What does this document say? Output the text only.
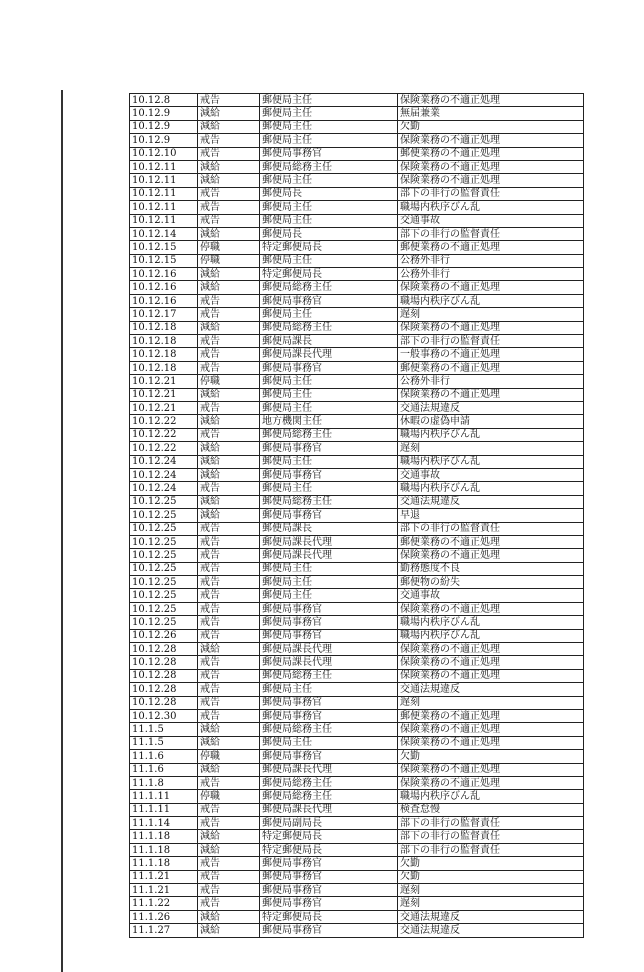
10.12.8	戒告	郵便局主任	保険業務の不適正処理
10.12.9	減給	郵便局主任	無届兼業
10.12.9	減給	郵便局主任	欠勤
10.12.9	戒告	郵便局主任	保険業務の不適正処理
10.12.10	戒告	郵便局事務官	郵便業務の不適正処理
10.12.11	減給	郵便局総務主任	保険業務の不適正処理
10.12.11	減給	郵便局主任	保険業務の不適正処理
10.12.11	戒告	郵便局長	部下の非行の監督責任
10.12.11	戒告	郵便局主任	職場内秩序びん乱
10.12.11	戒告	郵便局主任	交通事故
10.12.14	減給	郵便局長	部下の非行の監督責任
10.12.15	停職	特定郵便局長	郵便業務の不適正処理
10.12.15	停職	郵便局主任	公務外非行
10.12.16	減給	特定郵便局長	公務外非行
10.12.16	減給	郵便局総務主任	保険業務の不適正処理
10.12.16	戒告	郵便局事務官	職場内秩序びん乱
10.12.17	戒告	郵便局主任	遅刻
10.12.18	減給	郵便局総務主任	保険業務の不適正処理
10.12.18	戒告	郵便局課長	部下の非行の監督責任
10.12.18	戒告	郵便局課長代理	一般事務の不適正処理
10.12.18	戒告	郵便局事務官	郵便業務の不適正処理
10.12.21	停職	郵便局主任	公務外非行
10.12.21	減給	郵便局主任	保険業務の不適正処理
10.12.21	戒告	郵便局主任	交通法規違反
10.12.22	減給	地方機関主任	休暇の虚偽申請
10.12.22	戒告	郵便局総務主任	職場内秩序びん乱
10.12.22	減給	郵便局事務官	遅刻
10.12.24	減給	郵便局主任	職場内秩序びん乱
10.12.24	減給	郵便局事務官	交通事故
10.12.24	戒告	郵便局主任	職場内秩序びん乱
10.12.25	減給	郵便局総務主任	交通法規違反
10.12.25	減給	郵便局事務官	早退
10.12.25	戒告	郵便局課長	部下の非行の監督責任
10.12.25	戒告	郵便局課長代理	郵便業務の不適正処理
10.12.25	戒告	郵便局課長代理	保険業務の不適正処理
10.12.25	戒告	郵便局主任	勤務態度不良
10.12.25	戒告	郵便局主任	郵便物の紛失
10.12.25	戒告	郵便局主任	交通事故
10.12.25	戒告	郵便局事務官	保険業務の不適正処理
10.12.25	戒告	郵便局事務官	職場内秩序びん乱
10.12.26	戒告	郵便局事務官	職場内秩序びん乱
10.12.28	減給	郵便局課長代理	保険業務の不適正処理
10.12.28	戒告	郵便局課長代理	保険業務の不適正処理
10.12.28	戒告	郵便局総務主任	保険業務の不適正処理
10.12.28	戒告	郵便局主任	交通法規違反
10.12.28	戒告	郵便局事務官	遅刻
10.12.30	戒告	郵便局事務官	郵便業務の不適正処理
11.1.5	減給	郵便局総務主任	保険業務の不適正処理
11.1.5	減給	郵便局主任	保険業務の不適正処理
11.1.6	停職	郵便局事務官	欠勤
11.1.6	減給	郵便局課長代理	保険業務の不適正処理
11.1.8	戒告	郵便局総務主任	保険業務の不適正処理
11.1.11	停職	郵便局総務主任	職場内秩序びん乱
11.1.11	戒告	郵便局課長代理	検査怠慢
11.1.14	戒告	郵便局副局長	部下の非行の監督責任
11.1.18	減給	特定郵便局長	部下の非行の監督責任
11.1.18	減給	特定郵便局長	部下の非行の監督責任
11.1.18	戒告	郵便局事務官	欠勤
11.1.21	戒告	郵便局事務官	欠勤
11.1.21	戒告	郵便局事務官	遅刻
11.1.22	戒告	郵便局事務官	遅刻
11.1.26	減給	特定郵便局長	交通法規違反
11.1.27	減給	郵便局事務官	交通法規違反
